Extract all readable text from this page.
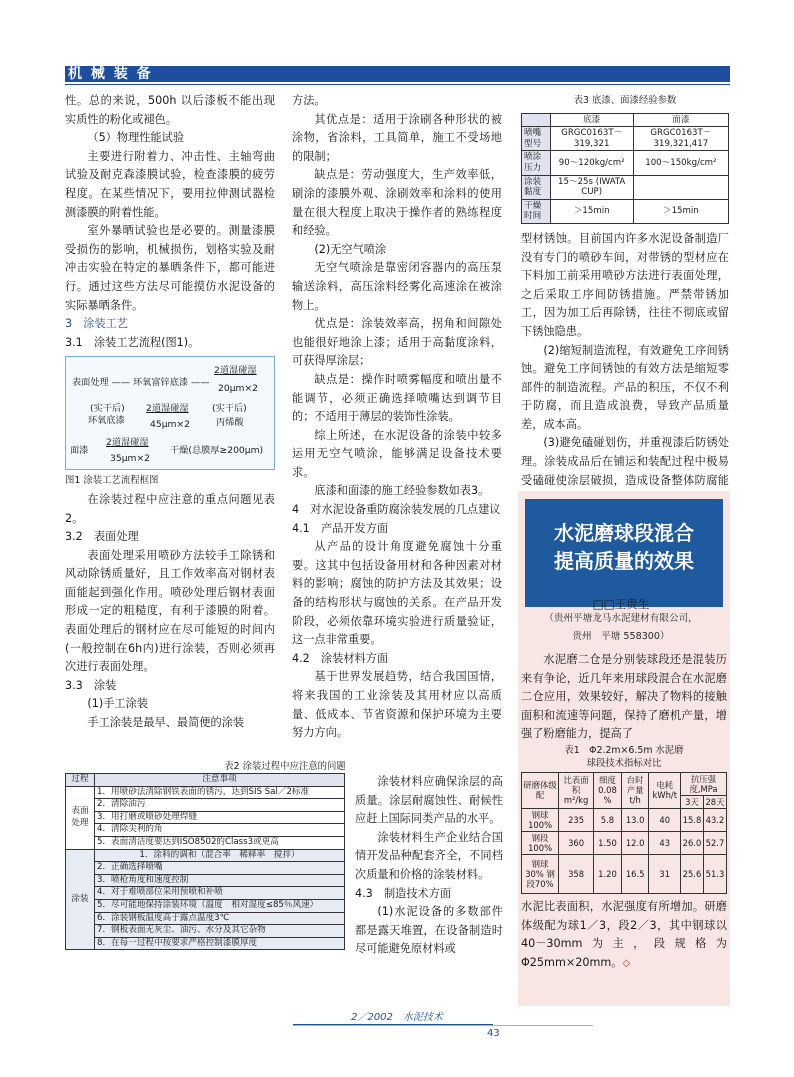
机 械 装 备

性。总的来说，500h 以后漆板不能出现实质性的粉化或褪色。

（5）物理性能试验

主要进行附着力、冲击性、主轴弯曲试验及耐克森漆膜试验，检查漆膜的疲劳程度。在某些情况下，要用拉伸测试器检测漆膜的附着性能。

室外暴晒试验也是必要的。测量漆膜受损伤的影响，机械损伤，划格实验及耐冲击实验在特定的暴晒条件下，都可能进行。通过这些方法尽可能摸仿水泥设备的实际暴晒条件。

3　涂装工艺

3.1　涂装工艺流程(图1)。

表面处理 —— 环氧富锌底漆 ——
2道湿碰湿
20μm×2
(实干后)
环氧底漆
2道湿碰湿
45μm×2
(实干后)
丙烯酸
面漆
2道湿碰湿
35μm×2
干燥(总膜厚≥200μm)

图1 涂装工艺流程框图

在涂装过程中应注意的重点问题见表2。

3.2　表面处理

表面处理采用喷砂方法较手工除锈和风动除锈质量好，且工作效率高对钢材表面能起到强化作用。喷砂处理后钢材表面形成一定的粗糙度，有利于漆膜的附着。表面处理后的钢材应在尽可能短的时间内(一般控制在6h内)进行涂装，否则必须再次进行表面处理。

3.3　涂装

(1)手工涂装

手工涂装是最早、最简便的涂装

方法。

其优点是：适用于涂刷各种形状的被涂物，省涂料，工具简单，施工不受场地的限制；

缺点是：劳动强度大，生产效率低，刷涂的漆膜外观、涂刷效率和涂料的使用量在很大程度上取决于操作者的熟练程度和经验。

(2)无空气喷涂

无空气喷涂是靠密闭容器内的高压泵输送涂料，高压涂料经雾化高速涂在被涂物上。

优点是：涂装效率高，拐角和间隙处也能很好地涂上漆；适用于高黏度涂料，可获得厚涂层；

缺点是：操作时喷雾幅度和喷出量不能调节，必须正确选择喷嘴达到调节目的；不适用于薄层的装饰性涂装。

综上所述，在水泥设备的涂装中较多运用无空气喷涂，能够满足设备技术要求。

底漆和面漆的施工经验参数如表3。

4　对水泥设备重防腐涂装发展的几点建议

4.1　产品开发方面

从产品的设计角度避免腐蚀十分重要。这其中包括设备用材和各种因素对材料的影响；腐蚀的防护方法及其效果；设备的结构形状与腐蚀的关系。在产品开发阶段，必须依靠环境实验进行质量验证，这一点非常重要。

4.2　涂装材料方面

基于世界发展趋势，结合我国国情，将来我国的工业涂装及其用材应以高质量、低成本、节省资源和保护环境为主要努力方向。

涂装材料应确保涂层的高质量。涂层耐腐蚀性、耐候性应赶上国际同类产品的水平。

涂装材料生产企业结合国情开发品种配套齐全，不同档次质量和价格的涂装材料。

4.3　制造技术方面

(1)水泥设备的多数部件都是露天堆置，在设备制造时尽可能避免原材料或

表2 涂装过程中应注意的问题
过程	注意事项
表面处理	1．用喷砂法清除钢铁表面的锈污，达到SIS Sal／2标准
	2．清除油污
	3．用打磨或喷砂处理焊缝
	4．清除尖利的角
	5．表面清洁度要达到ISO8502的Class3或更高
涂装	1．涂料的调和（混合率　稀释率　搅拌）
	2．正确选择喷嘴
	3．喷枪角度和速度控制
	4．对于难喷部位采用预喷和补喷
	5．尽可能地保持涂装环境（温度　相对湿度≤85％风速）
	6．涂装钢板温度高于露点温度3℃
	7．钢板表面无灰尘、油污、水分及其它杂物
	8．在每一过程中按要求严格控制漆膜厚度
表3 底漆、面漆经验参数
	底漆	面漆
喷嘴型号	GRGC0163T－319,321	GRGC0163T－319,321,417
喷涂压力	90～120kg/cm²	100～150kg/cm²
涂装黏度	15～25s (IWATA CUP)	
干燥时间	＞15min	＞15min

型材锈蚀。目前国内许多水泥设备制造厂没有专门的喷砂车间，对带锈的型材应在下料加工前采用喷砂方法进行表面处理，之后采取工序间防锈措施。严禁带锈加工，因为加工后再除锈，往往不彻底或留下锈蚀隐患。

(2)缩短制造流程，有效避免工序间锈蚀。避免工序间锈蚀的有效方法是缩短零部件的制造流程。产品的积压，不仅不利于防腐，而且造成浪费，导致产品质量差，成本高。

(3)避免磕碰划伤，并重视漆后防锈处理。涂装成品后在铺运和装配过程中极易受磕碰使涂层破损，造成设备整体防腐能

水泥磨球段混合
提高质量的效果
□□王贵生
（贵州平塘龙马水泥建材有限公司，
贵州　平塘 558300）

水泥磨二仓是分别装球段还是混装历来有争论，近几年来用球段混合在水泥磨二仓应用，效果较好，解决了物料的接触面积和流速等问题，保持了磨机产量，增强了粉磨能力，提高了

表1　Φ2.2m×6.5m 水泥磨
球段技术指标对比
研磨体级配	比表面积 m²/kg	细度 0.08 %	台时产量 t/h	电耗 kWh/t	抗压强度,MPa	
					3天	28天
钢球100%	235	5.8	13.0	40	15.8	43.2
钢段100%	360	1.50	12.0	43	26.0	52.7
钢球30% 钢段70%	358	1.20	16.5	31	25.6	51.3

水泥比表面积，水泥强度有所增加。研磨体级配为球1／3，段2／3，其中钢球以40－30mm为主，段规格为Φ25mm×20mm。◇

2／2002　水泥技术
43
